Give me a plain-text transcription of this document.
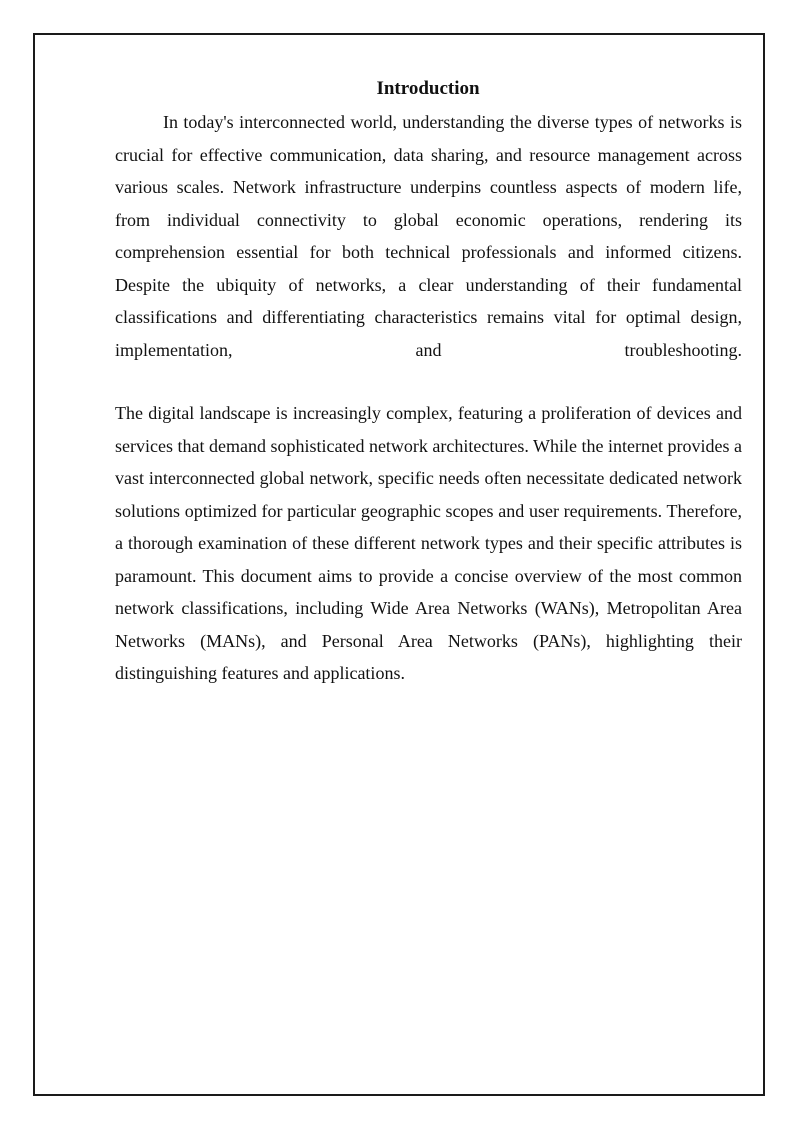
Introduction

In today's interconnected world, understanding the diverse types of networks is crucial for effective communication, data sharing, and resource management across various scales. Network infrastructure underpins countless aspects of modern life, from individual connectivity to global economic operations, rendering its comprehension essential for both technical professionals and informed citizens. Despite the ubiquity of networks, a clear understanding of their fundamental classifications and differentiating characteristics remains vital for optimal design, implementation, and troubleshooting.

The digital landscape is increasingly complex, featuring a proliferation of devices and services that demand sophisticated network architectures. While the internet provides a vast interconnected global network, specific needs often necessitate dedicated network solutions optimized for particular geographic scopes and user requirements. Therefore, a thorough examination of these different network types and their specific attributes is paramount. This document aims to provide a concise overview of the most common network classifications, including Wide Area Networks (WANs), Metropolitan Area Networks (MANs), and Personal Area Networks (PANs), highlighting their distinguishing features and applications.
